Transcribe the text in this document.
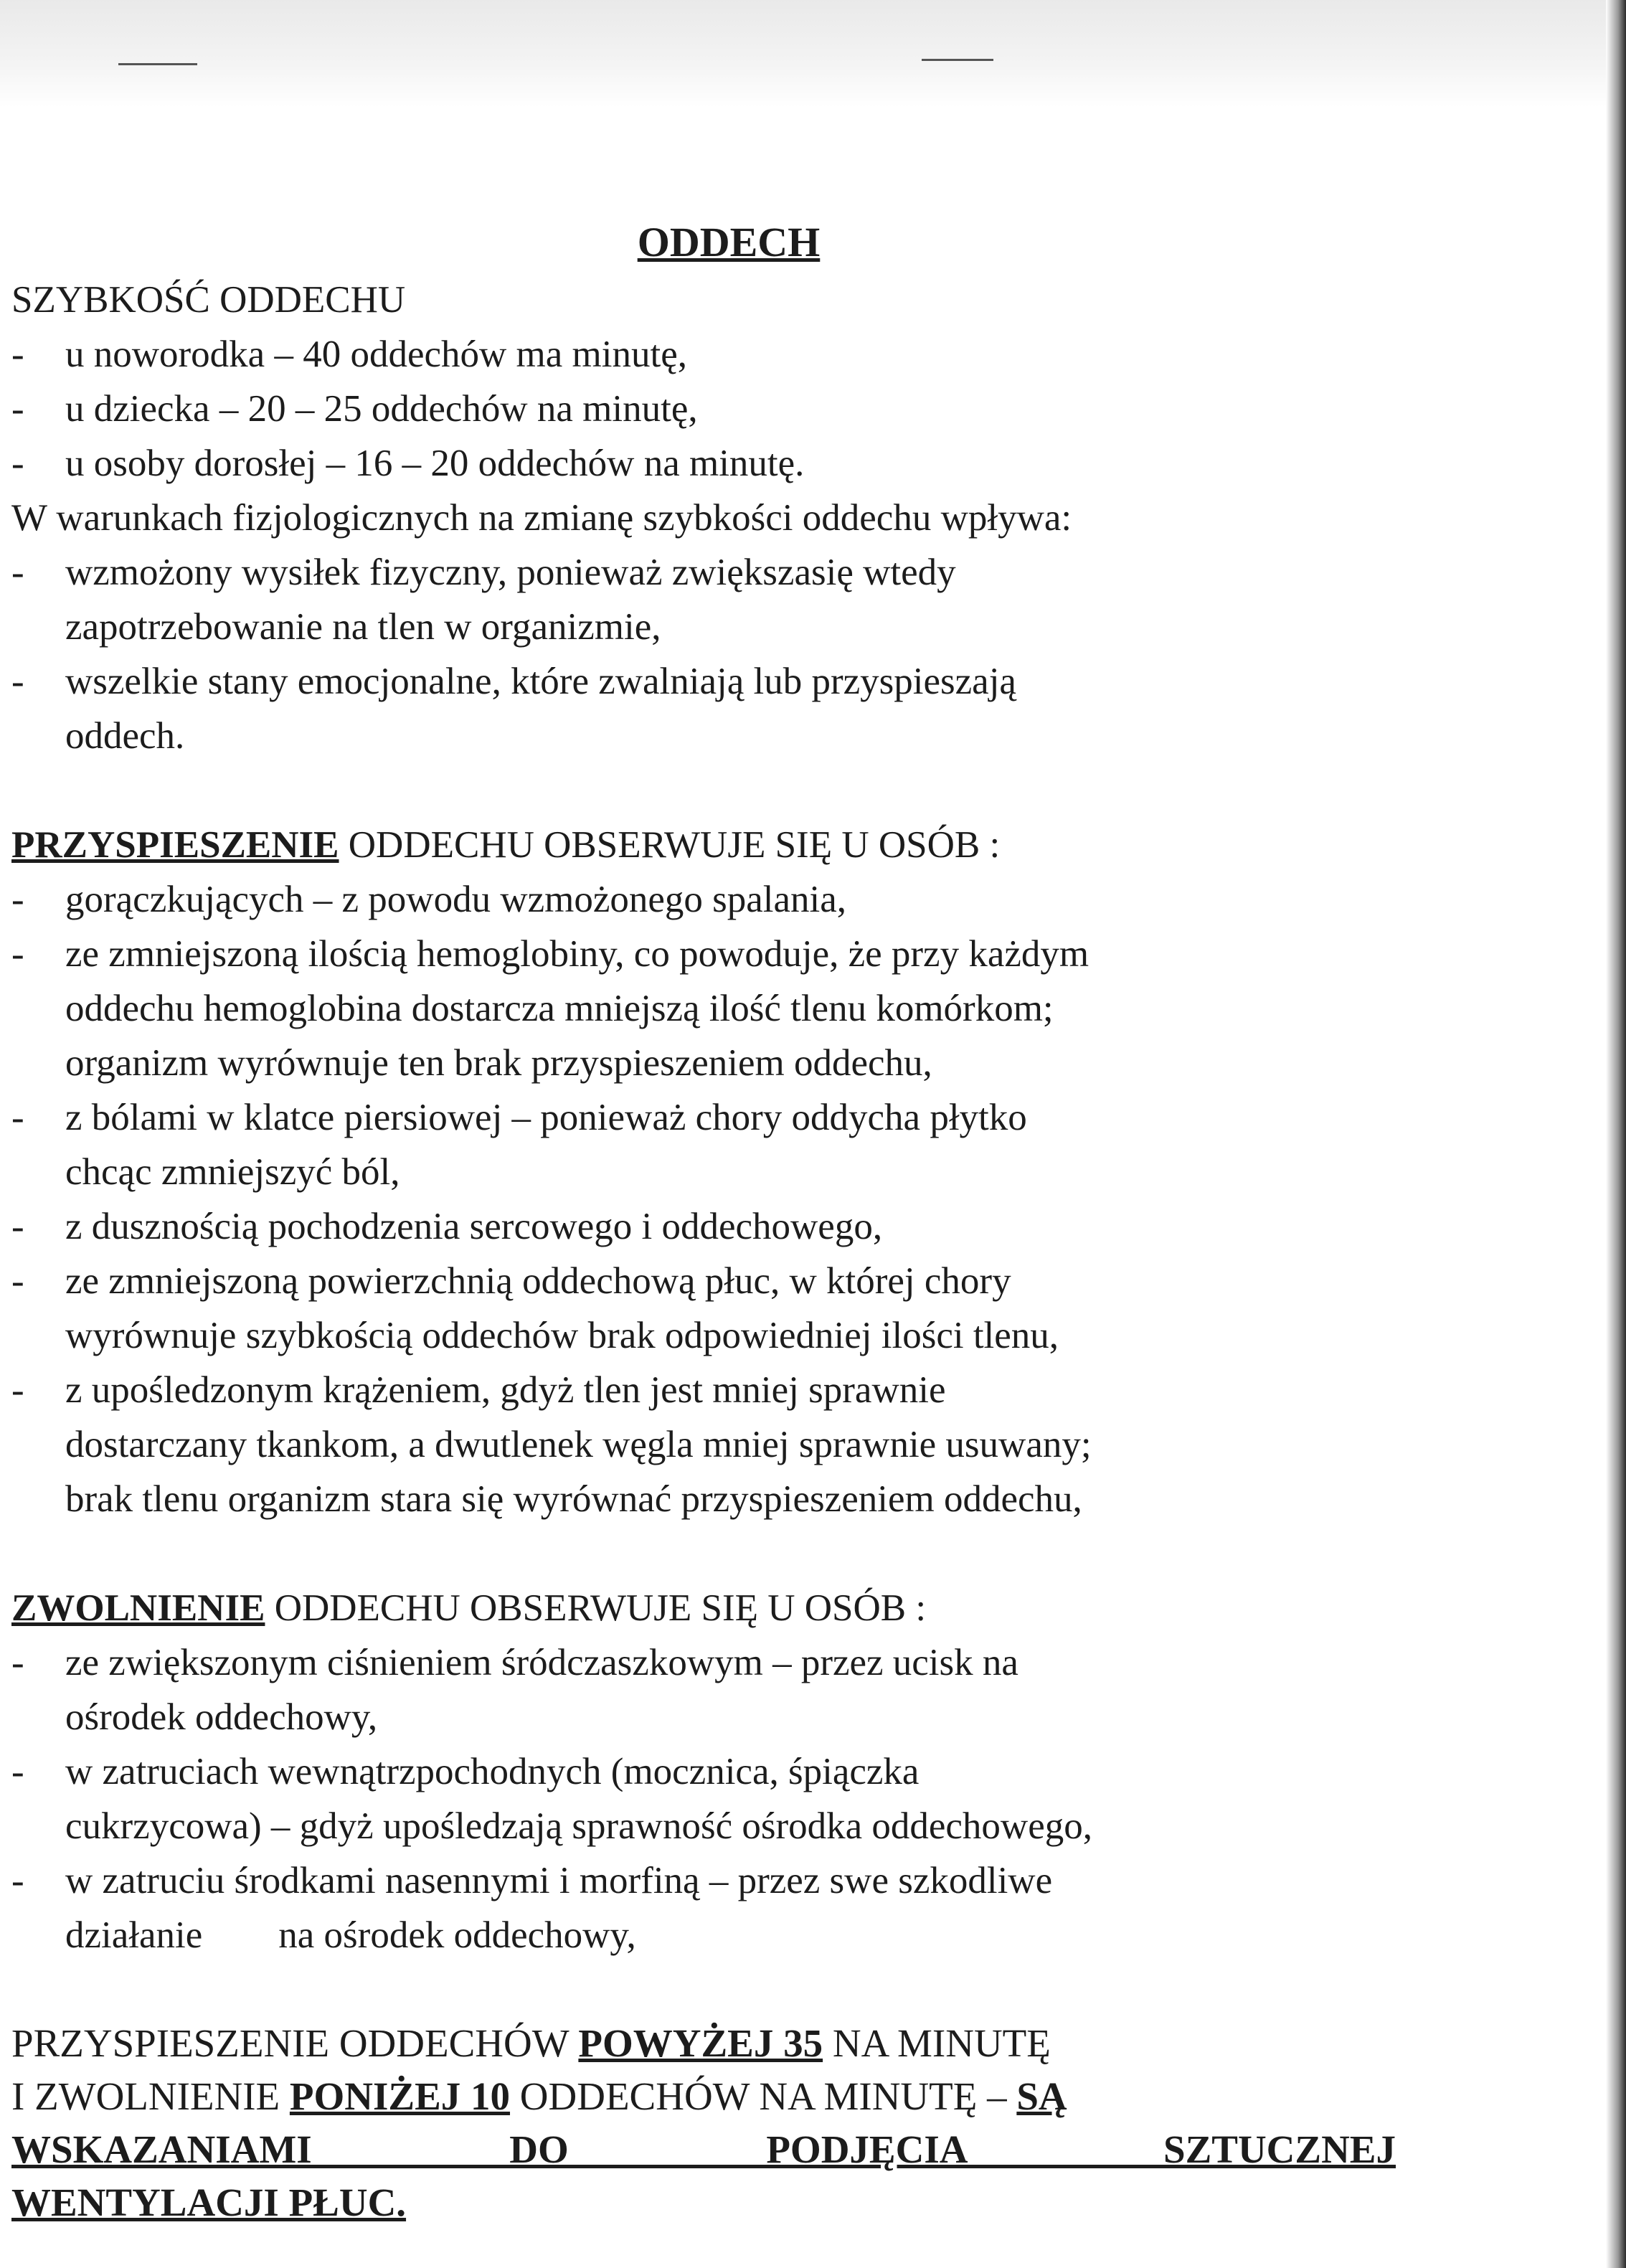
ODDECH

SZYBKOŚĆ ODDECHU

- u noworodka – 40 oddechów ma minutę,

- u dziecka – 20 – 25 oddechów na minutę,

- u osoby dorosłej – 16 – 20 oddechów na minutę.

W warunkach fizjologicznych na zmianę szybkości oddechu wpływa:

- wzmożony wysiłek fizyczny, ponieważ zwiększasię wtedy
zapotrzebowanie na tlen w organizmie,

- wszelkie stany emocjonalne, które zwalniają lub przyspieszają
oddech.

PRZYSPIESZENIE ODDECHU OBSERWUJE SIĘ U OSÓB :

- gorączkujących – z powodu wzmożonego spalania,

- ze zmniejszoną ilością hemoglobiny, co powoduje, że przy każdym
oddechu hemoglobina dostarcza mniejszą ilość tlenu komórkom;
organizm wyrównuje ten brak przyspieszeniem oddechu,

- z bólami w klatce piersiowej – ponieważ chory oddycha płytko
chcąc zmniejszyć ból,

- z dusznością pochodzenia sercowego i oddechowego,

- ze zmniejszoną powierzchnią oddechową płuc, w której chory
wyrównuje szybkością oddechów brak odpowiedniej ilości tlenu,

- z upośledzonym krążeniem, gdyż tlen jest mniej sprawnie
dostarczany tkankom, a dwutlenek węgla mniej sprawnie usuwany;
brak tlenu organizm stara się wyrównać przyspieszeniem oddechu,

ZWOLNIENIE ODDECHU OBSERWUJE SIĘ U OSÓB :

- ze zwiększonym ciśnieniem śródczaszkowym – przez ucisk na
ośrodek oddechowy,

- w zatruciach wewnątrzpochodnych (mocznica, śpiączka
cukrzycowa) – gdyż upośledzają sprawność ośrodka oddechowego,

- w zatruciu środkami nasennymi i morfiną – przez swe szkodliwe
działanie        na ośrodek oddechowy,

PRZYSPIESZENIE ODDECHÓW POWYŻEJ 35 NA MINUTĘ

I ZWOLNIENIE PONIŻEJ 10 ODDECHÓW NA MINUTĘ – SĄ

WSKAZANIAMI DO PODJĘCIA SZTUCZNEJ

WENTYLACJI PŁUC.
